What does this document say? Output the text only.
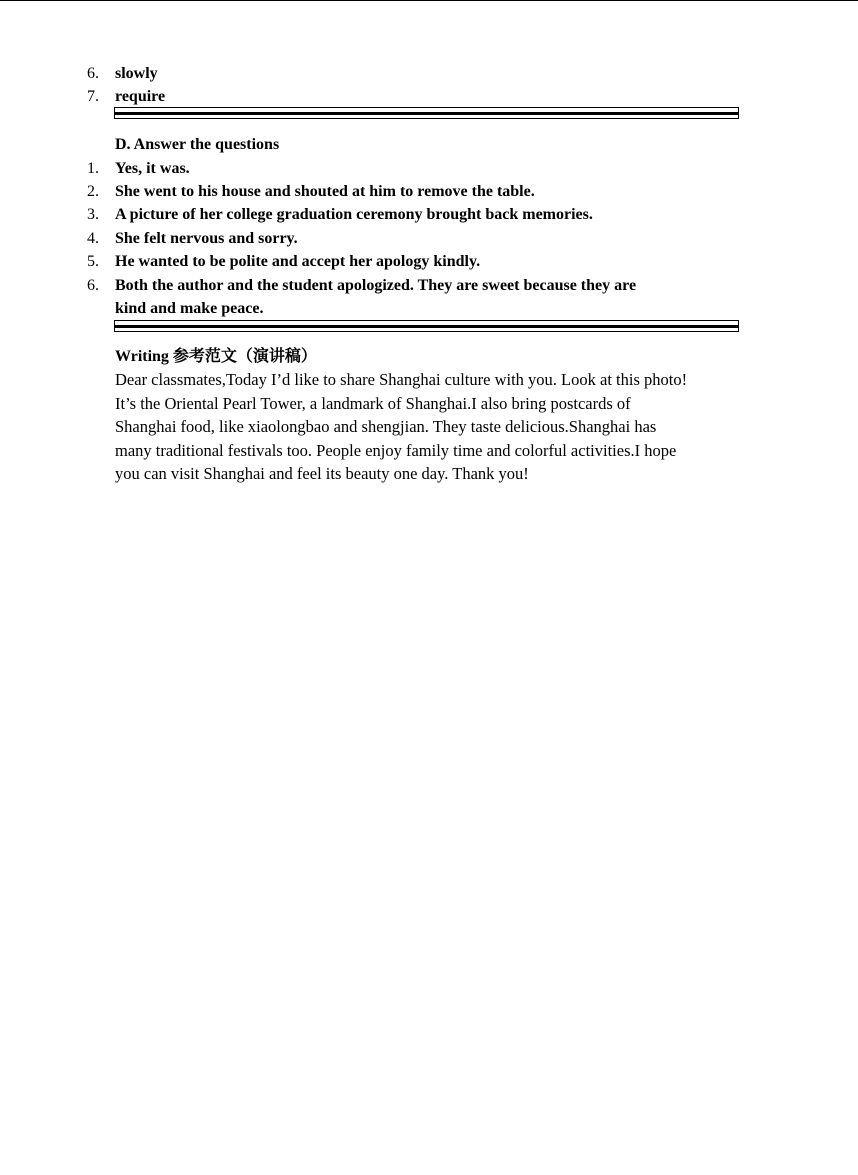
6.	slowly
7.	require
D. Answer the questions
1.	Yes, it was.
2.	She went to his house and shouted at him to remove the table.
3.	A picture of her college graduation ceremony brought back memories.
4.	She felt nervous and sorry.
5.	He wanted to be polite and accept her apology kindly.
6.	Both the author and the student apologized. They are sweet because they are
kind and make peace.
Writing 参考范文（演讲稿）
Dear classmates,Today I’d like to share Shanghai culture with you. Look at this photo!
It’s the Oriental Pearl Tower, a landmark of Shanghai.I also bring postcards of
Shanghai food, like xiaolongbao and shengjian. They taste delicious.Shanghai has
many traditional festivals too. People enjoy family time and colorful activities.I hope
you can visit Shanghai and feel its beauty one day. Thank you!
